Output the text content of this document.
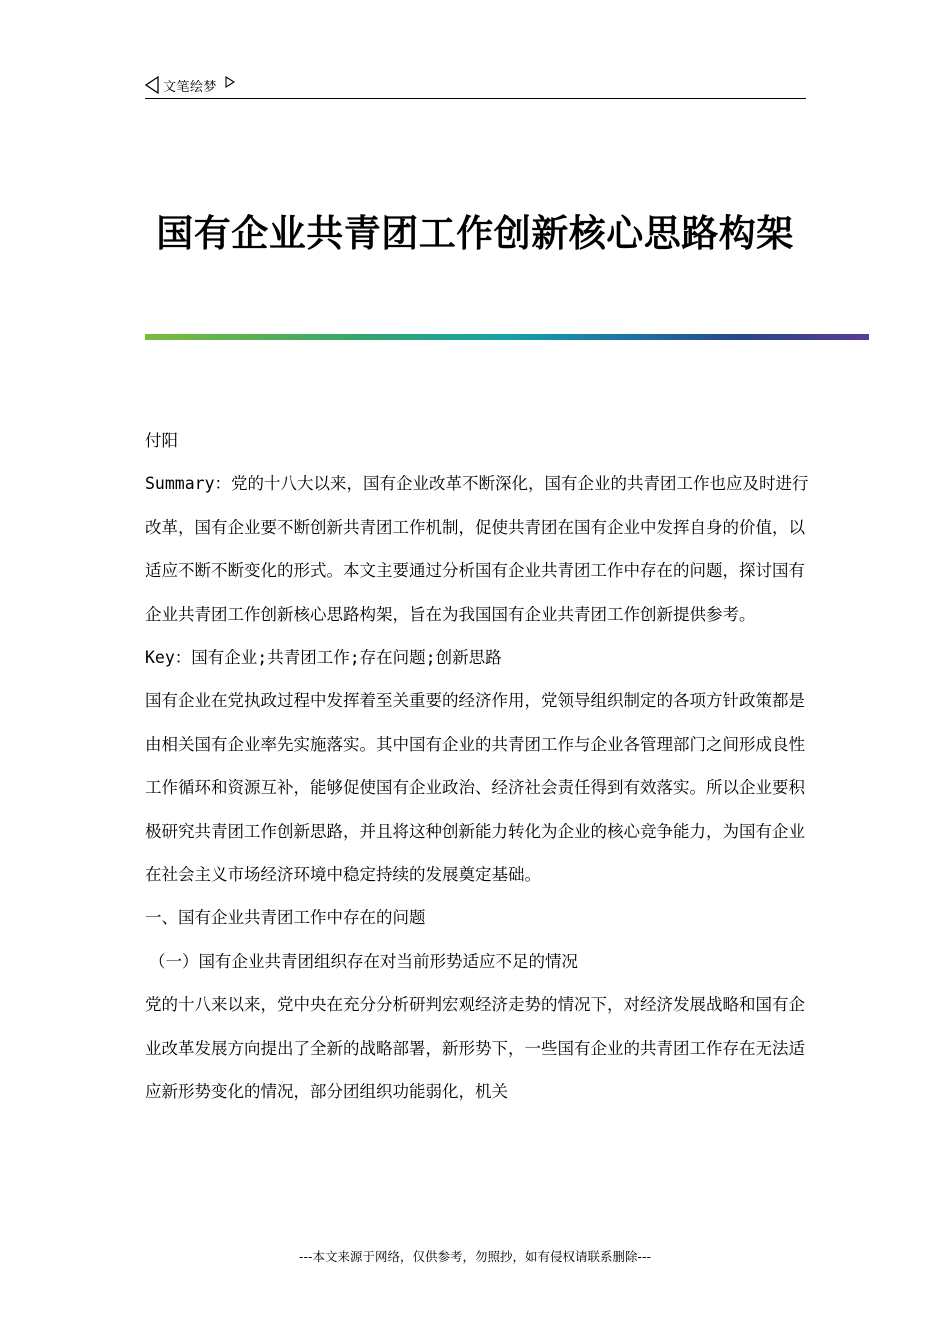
文笔绘梦
国有企业共青团工作创新核心思路构架

付阳

Summary：党的十八大以来，国有企业改革不断深化，国有企业的共青团工作也应及时进行改革，国有企业要不断创新共青团工作机制，促使共青团在国有企业中发挥自身的价值，以适应不断不断变化的形式。本文主要通过分析国有企业共青团工作中存在的问题，探讨国有企业共青团工作创新核心思路构架，旨在为我国国有企业共青团工作创新提供参考。

Key：国有企业;共青团工作;存在问题;创新思路

国有企业在党执政过程中发挥着至关重要的经济作用，党领导组织制定的各项方针政策都是由相关国有企业率先实施落实。其中国有企业的共青团工作与企业各管理部门之间形成良性工作循环和资源互补，能够促使国有企业政治、经济社会责任得到有效落实。所以企业要积极研究共青团工作创新思路，并且将这种创新能力转化为企业的核心竞争能力，为国有企业在社会主义市场经济环境中稳定持续的发展奠定基础。

一、国有企业共青团工作中存在的问题

（一）国有企业共青团组织存在对当前形势适应不足的情况

党的十八来以来，党中央在充分分析研判宏观经济走势的情况下，对经济发展战略和国有企业改革发展方向提出了全新的战略部署，新形势下，一些国有企业的共青团工作存在无法适应新形势变化的情况，部分团组织功能弱化，机关

---本文来源于网络，仅供参考，勿照抄，如有侵权请联系删除---
